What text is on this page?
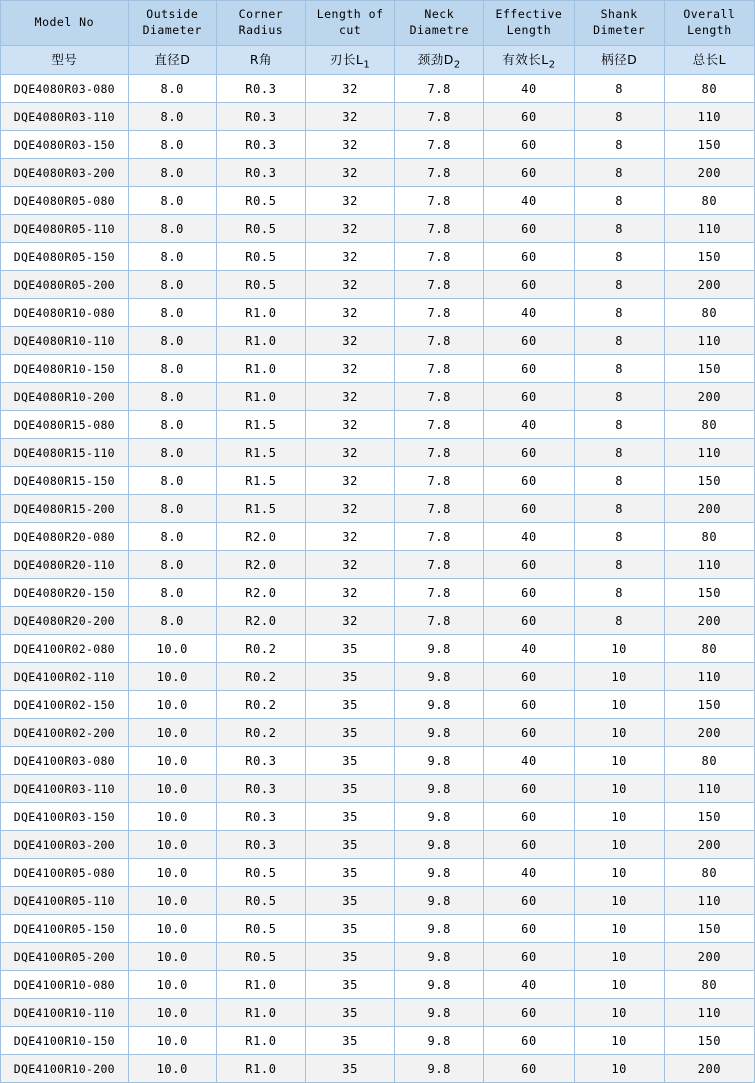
Model No	Outside Diameter	Corner Radius	Length of cut	Neck Diametre	Effective Length	Shank Dimeter	Overall Length
型号	直径D	R角	刃长$L_1$	颈劲$D_2$	有效长$L_2$	柄径D	总长L
DQE4080R03-080	8.0	R0.3	32	7.8	40	8	80
DQE4080R03-110	8.0	R0.3	32	7.8	60	8	110
DQE4080R03-150	8.0	R0.3	32	7.8	60	8	150
DQE4080R03-200	8.0	R0.3	32	7.8	60	8	200
DQE4080R05-080	8.0	R0.5	32	7.8	40	8	80
DQE4080R05-110	8.0	R0.5	32	7.8	60	8	110
DQE4080R05-150	8.0	R0.5	32	7.8	60	8	150
DQE4080R05-200	8.0	R0.5	32	7.8	60	8	200
DQE4080R10-080	8.0	R1.0	32	7.8	40	8	80
DQE4080R10-110	8.0	R1.0	32	7.8	60	8	110
DQE4080R10-150	8.0	R1.0	32	7.8	60	8	150
DQE4080R10-200	8.0	R1.0	32	7.8	60	8	200
DQE4080R15-080	8.0	R1.5	32	7.8	40	8	80
DQE4080R15-110	8.0	R1.5	32	7.8	60	8	110
DQE4080R15-150	8.0	R1.5	32	7.8	60	8	150
DQE4080R15-200	8.0	R1.5	32	7.8	60	8	200
DQE4080R20-080	8.0	R2.0	32	7.8	40	8	80
DQE4080R20-110	8.0	R2.0	32	7.8	60	8	110
DQE4080R20-150	8.0	R2.0	32	7.8	60	8	150
DQE4080R20-200	8.0	R2.0	32	7.8	60	8	200
DQE4100R02-080	10.0	R0.2	35	9.8	40	10	80
DQE4100R02-110	10.0	R0.2	35	9.8	60	10	110
DQE4100R02-150	10.0	R0.2	35	9.8	60	10	150
DQE4100R02-200	10.0	R0.2	35	9.8	60	10	200
DQE4100R03-080	10.0	R0.3	35	9.8	40	10	80
DQE4100R03-110	10.0	R0.3	35	9.8	60	10	110
DQE4100R03-150	10.0	R0.3	35	9.8	60	10	150
DQE4100R03-200	10.0	R0.3	35	9.8	60	10	200
DQE4100R05-080	10.0	R0.5	35	9.8	40	10	80
DQE4100R05-110	10.0	R0.5	35	9.8	60	10	110
DQE4100R05-150	10.0	R0.5	35	9.8	60	10	150
DQE4100R05-200	10.0	R0.5	35	9.8	60	10	200
DQE4100R10-080	10.0	R1.0	35	9.8	40	10	80
DQE4100R10-110	10.0	R1.0	35	9.8	60	10	110
DQE4100R10-150	10.0	R1.0	35	9.8	60	10	150
DQE4100R10-200	10.0	R1.0	35	9.8	60	10	200
